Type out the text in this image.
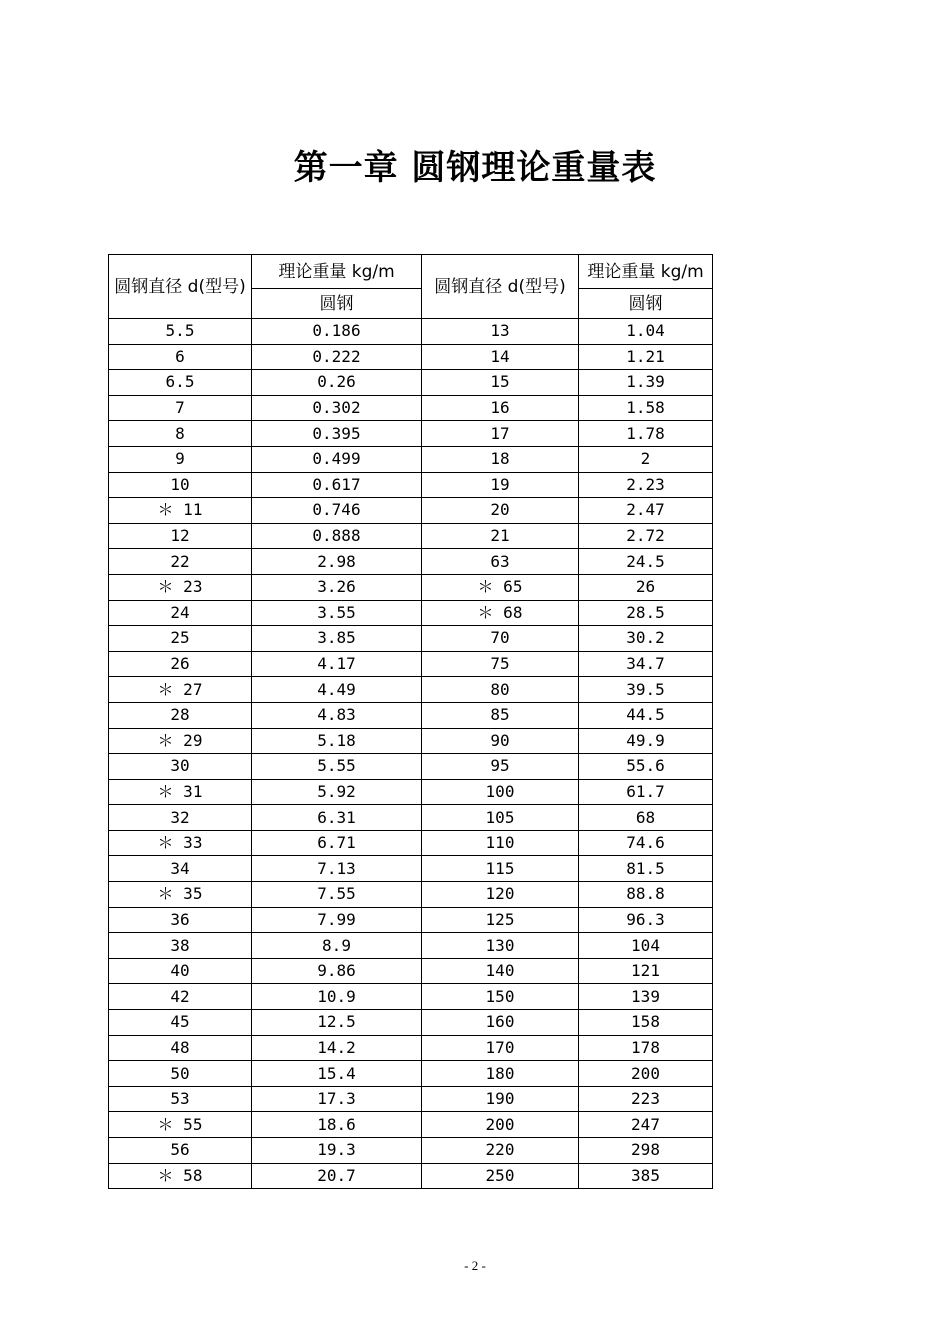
第一章 圆钢理论重量表
圆钢直径 d(型号)	理论重量 kg/m	圆钢直径 d(型号)	理论重量 kg/m
	圆钢		圆钢
5.5	0.186	13	1.04
6	0.222	14	1.21
6.5	0.26	15	1.39
7	0.302	16	1.58
8	0.395	17	1.78
9	0.499	18	2
10	0.617	19	2.23
＊ 11	0.746	20	2.47
12	0.888	21	2.72
22	2.98	63	24.5
＊ 23	3.26	＊ 65	26
24	3.55	＊ 68	28.5
25	3.85	70	30.2
26	4.17	75	34.7
＊ 27	4.49	80	39.5
28	4.83	85	44.5
＊ 29	5.18	90	49.9
30	5.55	95	55.6
＊ 31	5.92	100	61.7
32	6.31	105	68
＊ 33	6.71	110	74.6
34	7.13	115	81.5
＊ 35	7.55	120	88.8
36	7.99	125	96.3
38	8.9	130	104
40	9.86	140	121
42	10.9	150	139
45	12.5	160	158
48	14.2	170	178
50	15.4	180	200
53	17.3	190	223
＊ 55	18.6	200	247
56	19.3	220	298
＊ 58	20.7	250	385
- 2 -
